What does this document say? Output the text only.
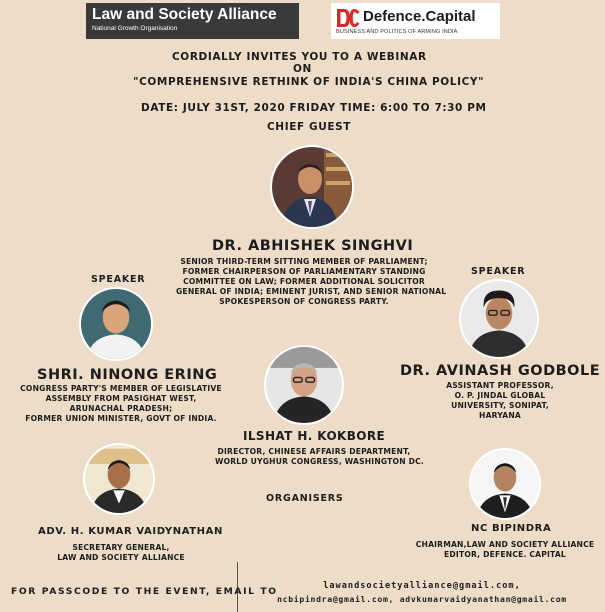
Law and Society Alliance
National Growth Organisation
Defence.Capital
BUSINESS AND POLITICS OF ARMING INDIA
CORDIALLY INVITES YOU TO A WEBINAR
ON
"COMPREHENSIVE RETHINK OF INDIA'S CHINA POLICY"
DATE: JULY 31ST, 2020 FRIDAY TIME: 6:00 TO 7:30 PM
CHIEF GUEST
DR. ABHISHEK SINGHVI
SENIOR THIRD-TERM SITTING MEMBER OF PARLIAMENT;
FORMER CHAIRPERSON OF PARLIAMENTARY STANDING
COMMITTEE ON LAW; FORMER ADDITIONAL SOLICITOR
GENERAL OF INDIA; EMINENT JURIST, AND SENIOR NATIONAL
SPOKESPERSON OF CONGRESS PARTY.
SPEAKER
SHRI. NINONG ERING
CONGRESS PARTY'S MEMBER OF LEGISLATIVE
ASSEMBLY FROM PASIGHAT WEST,
ARUNACHAL PRADESH;
FORMER UNION MINISTER, GOVT OF INDIA.
SPEAKER
DR. AVINASH GODBOLE
ASSISTANT PROFESSOR,
O. P. JINDAL GLOBAL
UNIVERSITY, SONIPAT,
HARYANA
ILSHAT H. KOKBORE
DIRECTOR, CHINESE AFFAIRS DEPARTMENT,
WORLD UYGHUR CONGRESS, WASHINGTON DC.
ORGANISERS
ADV. H. KUMAR VAIDYNATHAN
SECRETARY GENERAL,
LAW AND SOCIETY ALLIANCE
NC BIPINDRA
CHAIRMAN,LAW AND SOCIETY ALLIANCE
EDITOR, DEFENCE. CAPITAL
FOR PASSCODE TO THE EVENT, EMAIL TO	lawandsocietyalliance@gmail.com,
ncbipindra@gmail.com, advkumarvaidyanathan@gmail.com
